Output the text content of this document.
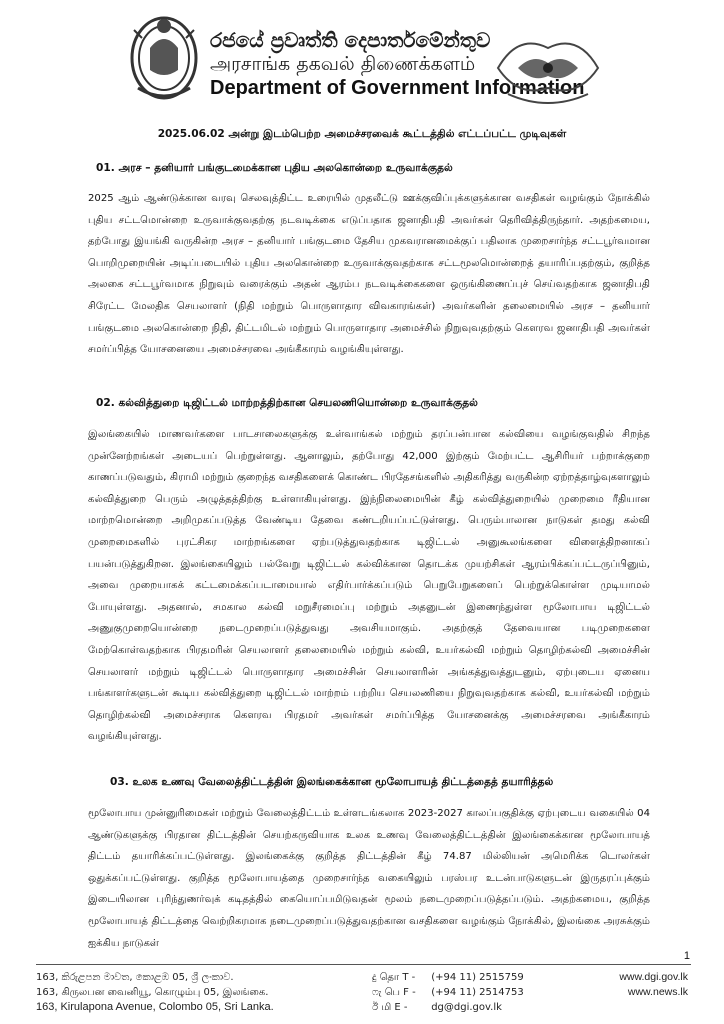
රජයේ ප්‍රවෘත්ති දෙපාර්තමේන්තුව
அரசாங்க தகவல் திணைக்களம்
Department of Government Information
2025.06.02 அன்று இடம்பெற்ற அமைச்சரவைக் கூட்டத்தில் எட்டப்பட்ட முடிவுகள்
01. அரச – தனியார் பங்குடமைக்கான புதிய அலகொன்றை உருவாக்குதல்

2025 ஆம் ஆண்டுக்கான வரவு செலவுத்திட்ட உரையில் முதலீட்டு ஊக்குவிப்புக்களுக்கான வசதிகள் வழங்கும் நோக்கில் புதிய சட்டமொன்றை உருவாக்குவதற்கு நடவடிக்கை எடுப்பதாக ஜனாதிபதி அவர்கள் தெரிவித்திருந்தார். அதற்கமைய, தற்போது இயங்கி வருகின்ற அரச – தனியார் பங்குடமை தேசிய முகவரானமைக்குப் பதிலாக முறைசார்ந்த சட்டபூர்வமான பொறிமுறையின் அடிப்படையில் புதிய அலகொன்றை உருவாக்குவதற்காக சட்டமூலமொன்றைத் தயாரிப்பதற்கும், குறித்த அலகை சட்டபூர்வமாக நிறுவும் வரைக்கும் அதன் ஆரம்ப நடவடிக்கைகளை ஒருங்கிணைப்புச் செய்வதற்காக ஜனாதிபதி சிரேட்ட மேலதிக செயலாளர் (நிதி மற்றும் பொருளாதார விவகாரங்கள்) அவர்களின் தலைமையில் அரச – தனியார் பங்குடமை அலகொன்றை நிதி, திட்டமிடல் மற்றும் பொருளாதார அமைச்சில் நிறுவுவதற்கும் கௌரவ ஜனாதிபதி அவர்கள் சமர்ப்பித்த யோசனையை அமைச்சரவை அங்கீகாரம் வழங்கியுள்ளது.

02. கல்வித்துறை டிஜிட்டல் மாற்றத்திற்கான செயலணியொன்றை உருவாக்குதல்

இலங்கையில் மாணவர்களை பாடசாலைகளுக்கு உள்வாங்கல் மற்றும் தரப்பன்பான கல்வியை வழங்குவதில் சிறந்த முன்னேற்றங்கள் அடையப் பெற்றுள்ளது. ஆனாலும், தற்போது 42,000 இற்கும் மேற்பட்ட ஆசிரியர் பற்றாக்குறை காணப்படுவதும், கிராமி மற்றும் குறைந்த வசதிகளைக் கொண்ட பிரதேசங்களில் அதிகரித்து வருகின்ற ஏற்றத்தாழ்வுகளாலும் கல்வித்துறை பெரும் அழுத்தத்திற்கு உள்ளாகியுள்ளது. இந்நிலைமையின் கீழ் கல்வித்துறையில் முறைமை ரீதியான மாற்றமொன்றை அறிமுகப்படுத்த வேண்டிய தேவை கண்டறியப்பட்டுள்ளது. பெரும்பாலான நாடுகள் தமது கல்வி முறைமைகளில் புரட்சிகர மாற்றங்களை ஏற்படுத்துவதற்காக டிஜிட்டல் அனுகூலங்களை விளைத்திறனாகப் பயன்படுத்துகிறன. இலங்கையிலும் பல்வேறு டிஜிட்டல் கல்விக்கான தொடக்க முயற்சிகள் ஆரம்பிக்கப்பட்டருப்பினும், அவை முறையாகக் கட்டமைக்கப்படாமையால் எதிர்பார்க்கப்படும் பெறுபேறுகளைப் பெற்றுக்கொள்ள முடியாமல் போயுள்ளது. அதனால், சமகால கல்வி மறுசீரமைப்பு மற்றும் அதனுடன் இணைந்துள்ள மூலோபாய டிஜிட்டல் அணுகுமுறையொன்றை நடைமுறைப்படுத்துவது அவசியமாகும். அதற்குத் தேவையான படிமுறைகளை மேற்கொள்வதற்காக பிரதமரின் செயலாளர் தலைமையில் மற்றும் கல்வி, உயர்கல்வி மற்றும் தொழிற்கல்வி அமைச்சின் செயலாளர் மற்றும் டிஜிட்டல் பொருளாதார அமைச்சின் செயலாளரின் அங்கத்துவத்துடனும், ஏற்புடைய ஏனைய பங்காளர்களுடன் கூடிய கல்வித்துறை டிஜிட்டல் மாற்றம் பற்றிய செயலணியை நிறுவுவதற்காக கல்வி, உயர்கல்வி மற்றும் தொழிற்கல்வி அமைச்சராக கௌரவ பிரதமர் அவர்கள் சமர்ப்பித்த யோசனைக்கு அமைச்சரவை அங்கீகாரம் வழங்கியுள்ளது.

03. உலக உணவு வேலைத்திட்டத்தின் இலங்கைக்கான மூலோபாயத் திட்டத்தைத் தயாரித்தல்

மூலோபாய முன்னுரிமைகள் மற்றும் வேலைத்திட்டம் உள்ளடங்கலாக 2023-2027 காலப்பகுதிக்கு ஏற்புடைய வகையில் 04 ஆண்டுகளுக்கு பிரதான திட்டத்தின் செயற்கருவியாக உலக உணவு வேலைத்திட்டத்தின் இலங்கைக்கான மூலோபாயத் திட்டம் தயாரிக்கப்பட்டுள்ளது. இலங்கைக்கு குறித்த திட்டத்தின் கீழ் 74.87 மில்லியன் அமெரிக்க டொலர்கள் ஒதுக்கப்பட்டுள்ளது. குறித்த மூலோபாயத்தை முறைசார்ந்த வகையிலும் பரஸ்பர உடன்பாடுகளுடன் இருதரப்புக்கும் இடையிலான புரிந்துணர்வுக் கடிதத்தில் கையொப்பமிடுவதன் மூலம் நடைமுறைப்படுத்தப்படும். அதற்கமைய, குறித்த மூலோபாயத் திட்டத்தை வெற்றிகரமாக நடைமுறைப்படுத்துவதற்கான வசதிகளை வழங்கும் நோக்கில், இலங்கை அரசுக்கும் ஐக்கிய நாடுகள்

1
163, කිරුළපන මාවත, කොළඹ 05, ශ්‍රී ලංකාව.
163, கிருலபன வைனியூ, கொழும்பு 05, இலங்கை.
163, Kirulapona Avenue, Colombo 05, Sri Lanka.
දු தொ T - (+94 11) 2515759
ෆැ பெ F - (+94 11) 2514753
ඊ மி E - dg@dgi.gov.lk
www.dgi.gov.lk
www.news.lk
